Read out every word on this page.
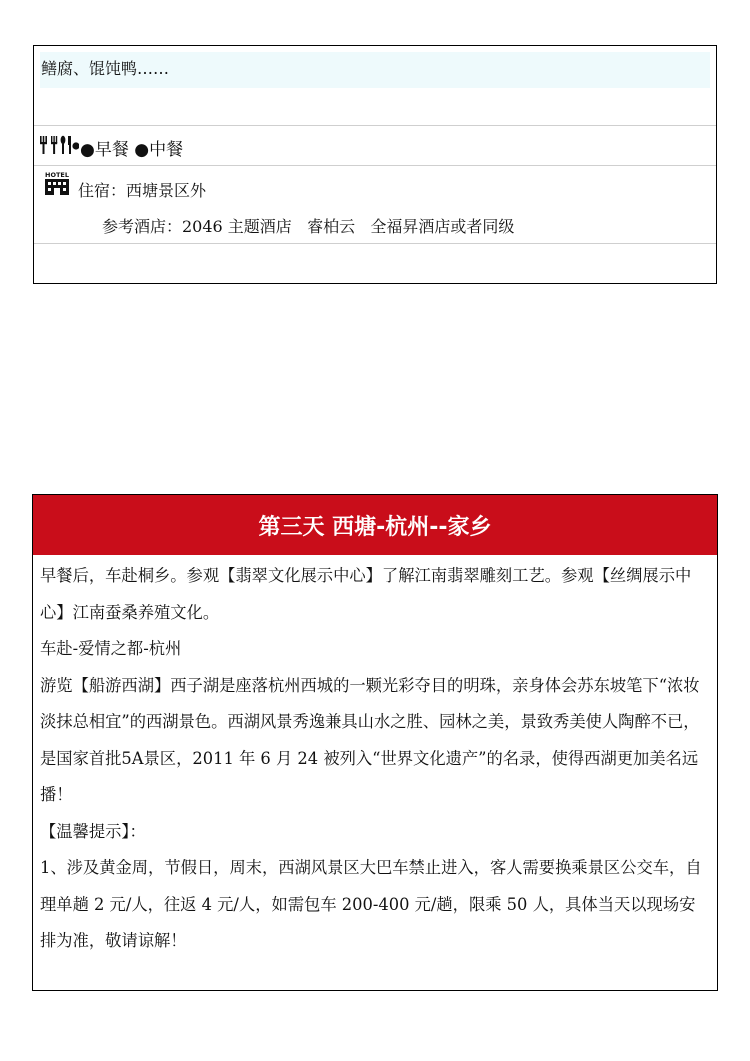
鳝腐、馄饨鸭……
●早餐 ●中餐
HOTEL
住宿：西塘景区外
参考酒店：2046 主题酒店   睿柏云   全福昇酒店或者同级
第三天 西塘-杭州--家乡

早餐后，车赴桐乡。参观【翡翠文化展示中心】了解江南翡翠雕刻工艺。参观【丝绸展示中心】江南蚕桑养殖文化。

车赴-爱情之都-杭州

游览【船游西湖】西子湖是座落杭州西城的一颗光彩夺目的明珠，亲身体会苏东坡笔下“浓妆淡抹总相宜”的西湖景色。西湖风景秀逸兼具山水之胜、园林之美，景致秀美使人陶醉不已，是国家首批5A景区，2011 年 6 月 24 被列入“世界文化遗产”的名录，使得西湖更加美名远播！

【温馨提示】：

1、涉及黄金周，节假日，周末，西湖风景区大巴车禁止进入，客人需要换乘景区公交车，自理单趟 2 元/人，往返 4 元/人，如需包车 200-400 元/趟，限乘 50 人，具体当天以现场安排为准，敬请谅解！
